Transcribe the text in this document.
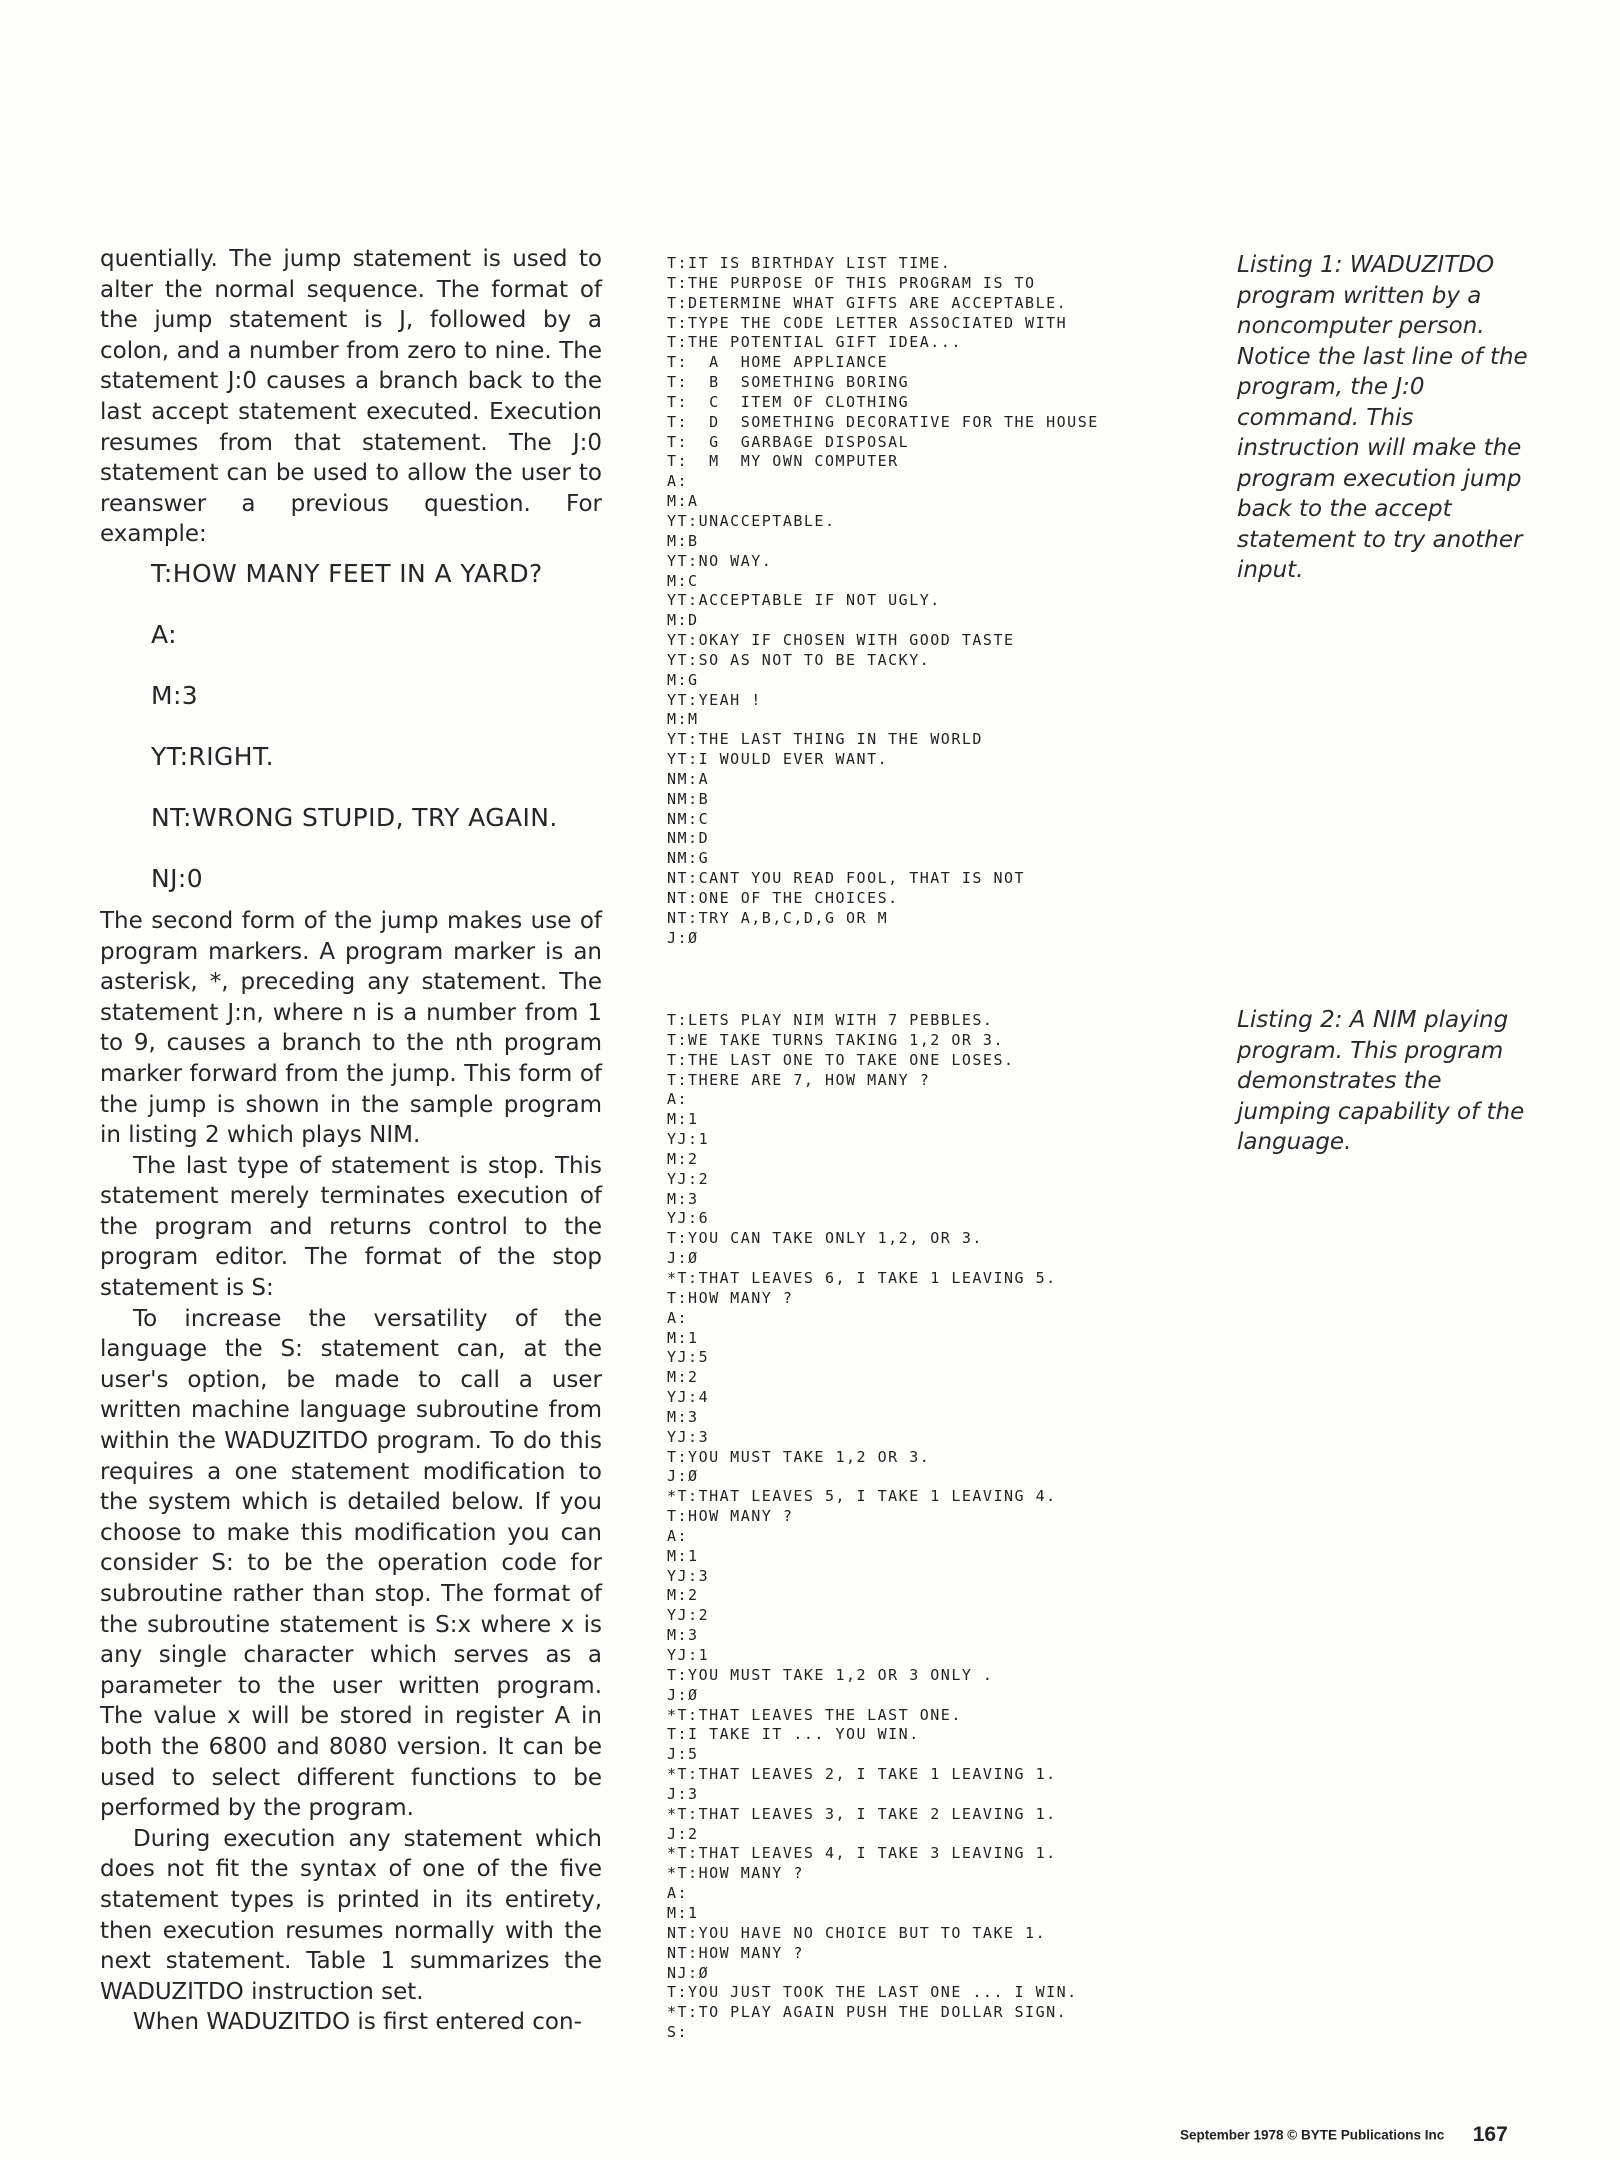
quentially. The jump statement is used to alter the normal sequence. The format of the jump statement is J, followed by a colon, and a number from zero to nine. The statement J:0 causes a branch back to the last accept statement executed. Execution resumes from that statement. The J:0 statement can be used to allow the user to reanswer a previous question. For example:

T:HOW MANY FEET IN A YARD?
A:
M:3
YT:RIGHT.
NT:WRONG STUPID, TRY AGAIN.
NJ:0

The second form of the jump makes use of program markers. A program marker is an asterisk, *, preceding any statement. The statement J:n, where n is a number from 1 to 9, causes a branch to the nth program marker forward from the jump. This form of the jump is shown in the sample program in listing 2 which plays NIM.

The last type of statement is stop. This statement merely terminates execution of the program and returns control to the program editor. The format of the stop statement is S:

To increase the versatility of the language the S: statement can, at the user's option, be made to call a user written machine language subroutine from within the WADUZITDO program. To do this requires a one statement modification to the system which is detailed below. If you choose to make this modification you can consider S: to be the operation code for subroutine rather than stop. The format of the subroutine statement is S:x where x is any single character which serves as a parameter to the user written program. The value x will be stored in register A in both the 6800 and 8080 version. It can be used to select different functions to be performed by the program.

During execution any statement which does not fit the syntax of one of the five statement types is printed in its entirety, then execution resumes normally with the next statement. Table 1 summarizes the WADUZITDO instruction set.

When WADUZITDO is first entered con-

T:IT IS BIRTHDAY LIST TIME.
T:THE PURPOSE OF THIS PROGRAM IS TO
T:DETERMINE WHAT GIFTS ARE ACCEPTABLE.
T:TYPE THE CODE LETTER ASSOCIATED WITH
T:THE POTENTIAL GIFT IDEA...
T:  A  HOME APPLIANCE
T:  B  SOMETHING BORING
T:  C  ITEM OF CLOTHING
T:  D  SOMETHING DECORATIVE FOR THE HOUSE
T:  G  GARBAGE DISPOSAL
T:  M  MY OWN COMPUTER
A:
M:A
YT:UNACCEPTABLE.
M:B
YT:NO WAY.
M:C
YT:ACCEPTABLE IF NOT UGLY.
M:D
YT:OKAY IF CHOSEN WITH GOOD TASTE
YT:SO AS NOT TO BE TACKY.
M:G
YT:YEAH !
M:M
YT:THE LAST THING IN THE WORLD
YT:I WOULD EVER WANT.
NM:A
NM:B
NM:C
NM:D
NM:G
NT:CANT YOU READ FOOL, THAT IS NOT
NT:ONE OF THE CHOICES.
NT:TRY A,B,C,D,G OR M
J:Ø
Listing 1: WADUZITDO program written by a noncomputer person. Notice the last line of the program, the J:0 command. This instruction will make the program execution jump back to the accept statement to try another input.
T:LETS PLAY NIM WITH 7 PEBBLES.
T:WE TAKE TURNS TAKING 1,2 OR 3.
T:THE LAST ONE TO TAKE ONE LOSES.
T:THERE ARE 7, HOW MANY ?
A:
M:1
YJ:1
M:2
YJ:2
M:3
YJ:6
T:YOU CAN TAKE ONLY 1,2, OR 3.
J:Ø
*T:THAT LEAVES 6, I TAKE 1 LEAVING 5.
T:HOW MANY ?
A:
M:1
YJ:5
M:2
YJ:4
M:3
YJ:3
T:YOU MUST TAKE 1,2 OR 3.
J:Ø
*T:THAT LEAVES 5, I TAKE 1 LEAVING 4.
T:HOW MANY ?
A:
M:1
YJ:3
M:2
YJ:2
M:3
YJ:1
T:YOU MUST TAKE 1,2 OR 3 ONLY .
J:Ø
*T:THAT LEAVES THE LAST ONE.
T:I TAKE IT ... YOU WIN.
J:5
*T:THAT LEAVES 2, I TAKE 1 LEAVING 1.
J:3
*T:THAT LEAVES 3, I TAKE 2 LEAVING 1.
J:2
*T:THAT LEAVES 4, I TAKE 3 LEAVING 1.
*T:HOW MANY ?
A:
M:1
NT:YOU HAVE NO CHOICE BUT TO TAKE 1.
NT:HOW MANY ?
NJ:Ø
T:YOU JUST TOOK THE LAST ONE ... I WIN.
*T:TO PLAY AGAIN PUSH THE DOLLAR SIGN.
S:
Listing 2: A NIM playing program. This program demonstrates the jumping capability of the language.
September 1978 © BYTE Publications Inc 167
